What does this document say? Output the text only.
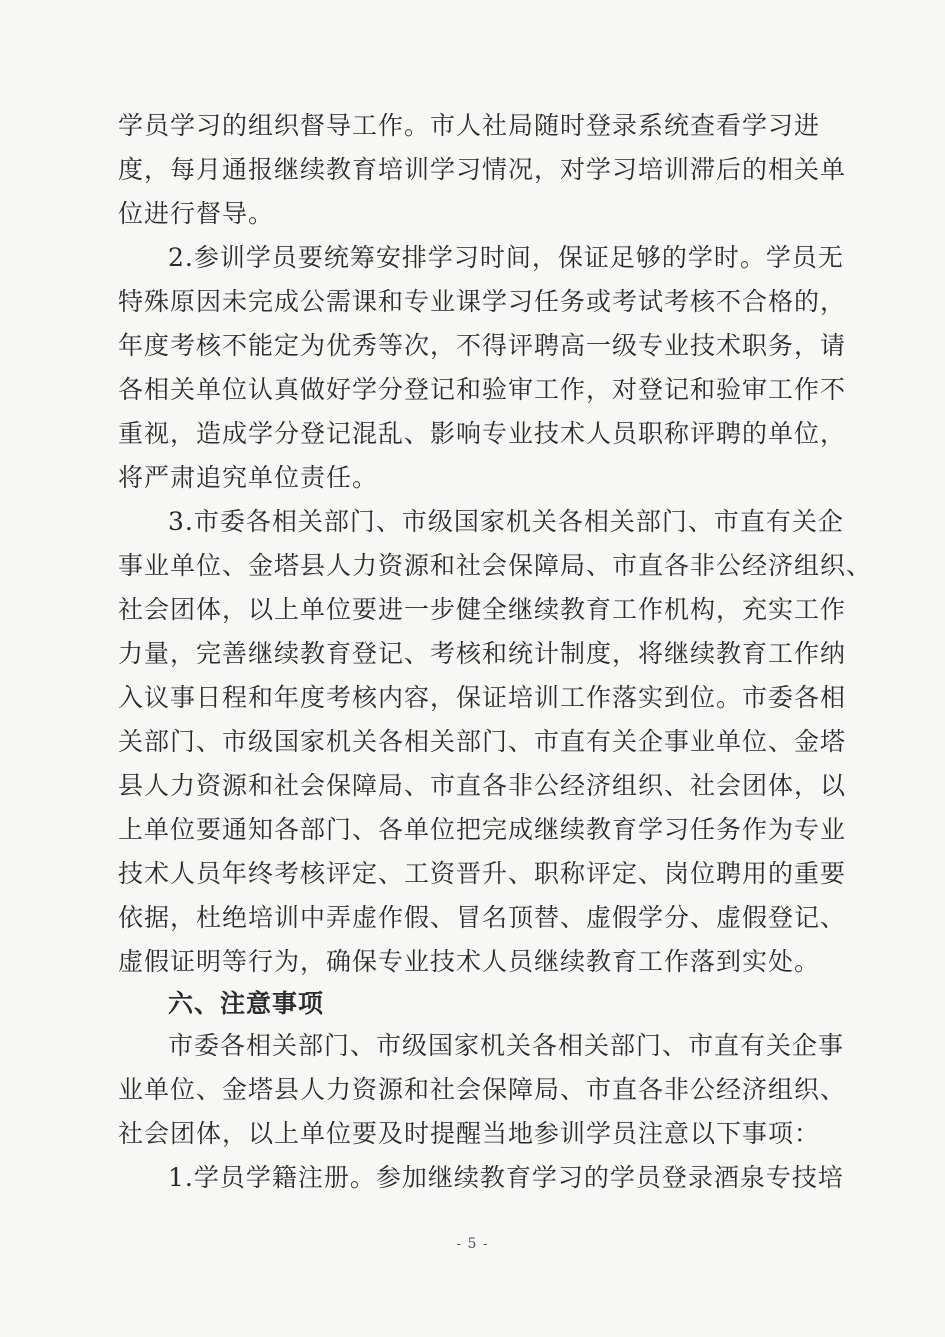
学员学习的组织督导工作。市人社局随时登录系统查看学习进
度，每月通报继续教育培训学习情况，对学习培训滞后的相关单
位进行督导。
2.参训学员要统筹安排学习时间，保证足够的学时。学员无
特殊原因未完成公需课和专业课学习任务或考试考核不合格的，
年度考核不能定为优秀等次，不得评聘高一级专业技术职务，请
各相关单位认真做好学分登记和验审工作，对登记和验审工作不
重视，造成学分登记混乱、影响专业技术人员职称评聘的单位，
将严肃追究单位责任。
3.市委各相关部门、市级国家机关各相关部门、市直有关企
事业单位、金塔县人力资源和社会保障局、市直各非公经济组织、
社会团体，以上单位要进一步健全继续教育工作机构，充实工作
力量，完善继续教育登记、考核和统计制度，将继续教育工作纳
入议事日程和年度考核内容，保证培训工作落实到位。市委各相
关部门、市级国家机关各相关部门、市直有关企事业单位、金塔
县人力资源和社会保障局、市直各非公经济组织、社会团体，以
上单位要通知各部门、各单位把完成继续教育学习任务作为专业
技术人员年终考核评定、工资晋升、职称评定、岗位聘用的重要
依据，杜绝培训中弄虚作假、冒名顶替、虚假学分、虚假登记、
虚假证明等行为，确保专业技术人员继续教育工作落到实处。
六、注意事项
市委各相关部门、市级国家机关各相关部门、市直有关企事
业单位、金塔县人力资源和社会保障局、市直各非公经济组织、
社会团体，以上单位要及时提醒当地参训学员注意以下事项：
1.学员学籍注册。参加继续教育学习的学员登录酒泉专技培
- 5 -
